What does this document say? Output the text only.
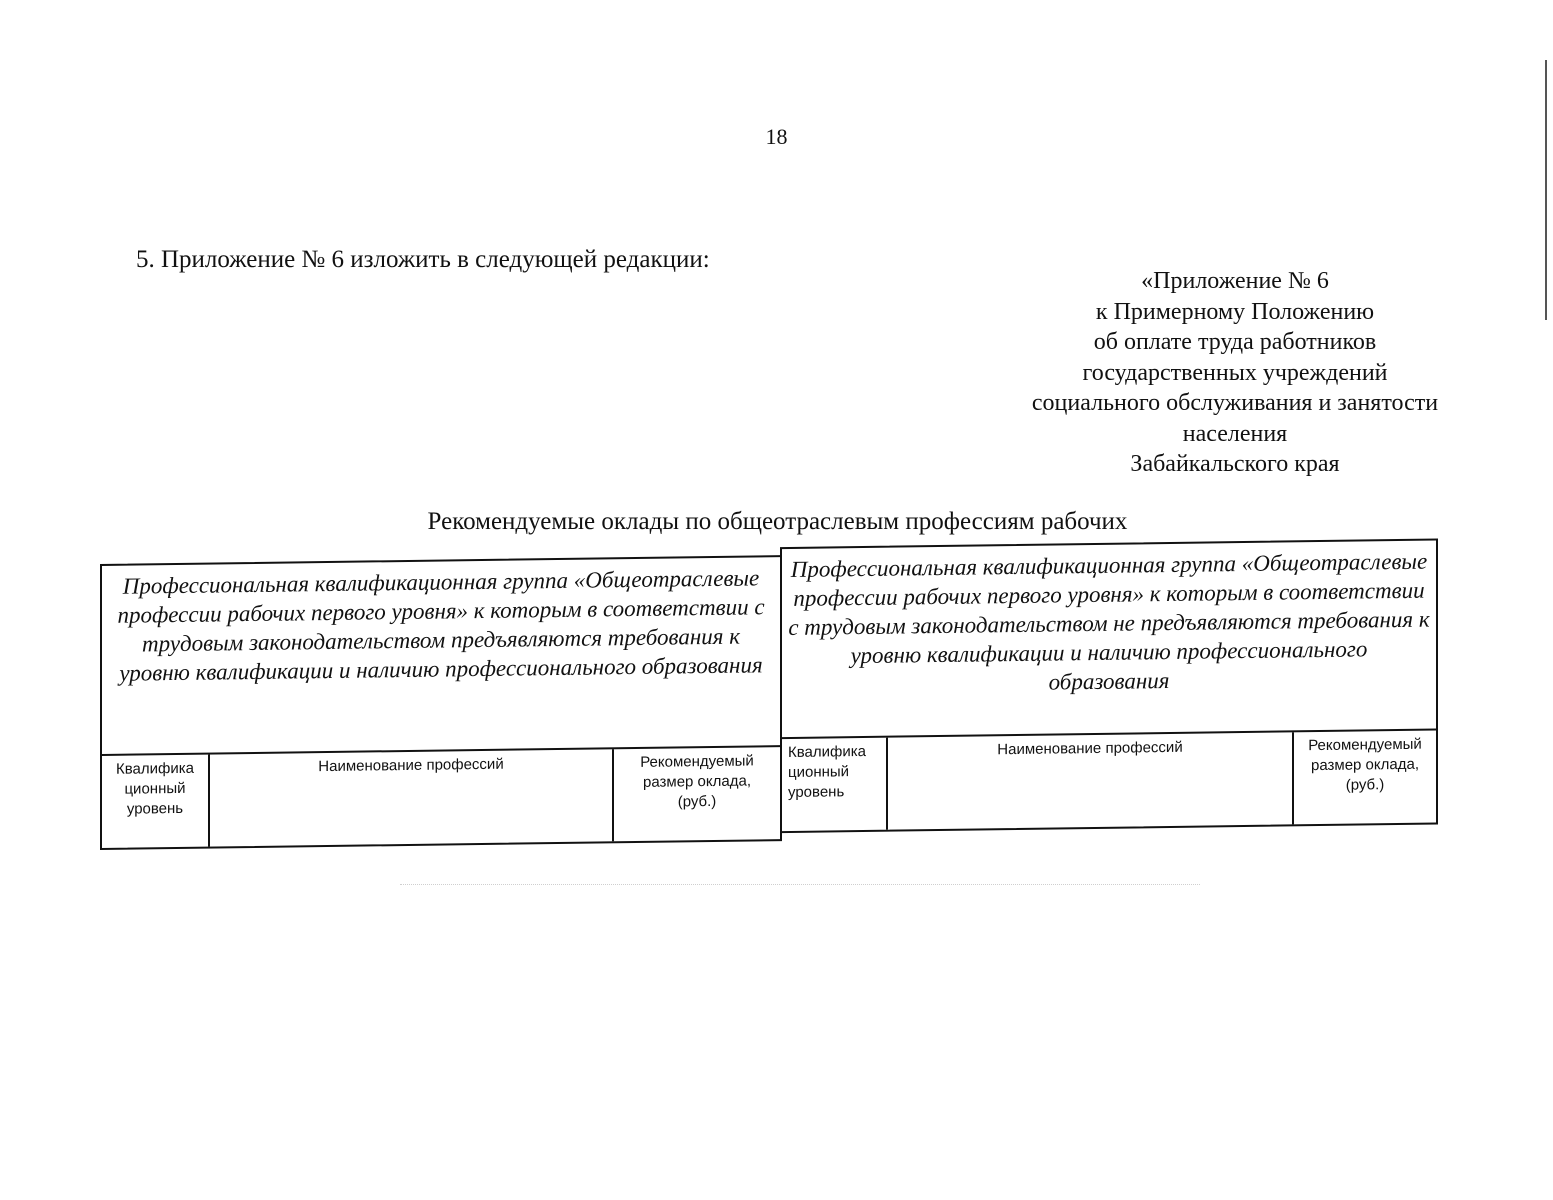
18
5. Приложение № 6 изложить в следующей редакции:
«Приложение № 6
к Примерному Положению
об оплате труда работников
государственных учреждений
социального обслуживания и занятости
населения
Забайкальского края
Рекомендуемые оклады по общеотраслевым профессиям рабочих
Профессиональная квалификационная группа «Общеотраслевые профессии рабочих первого уровня» к которым в соответствии с трудовым законодательством предъявляются требования к уровню квалификации и наличию профессионального образования
Квалифика
ционный
уровень
Наименование профессий	Рекомендуемый
размер оклада,
(руб.)
Профессиональная квалификационная группа «Общеотраслевые профессии рабочих первого уровня» к которым в соответствии с трудовым законодательством не предъявляются требования к уровню квалификации и наличию профессионального образования
Квалифика
ционный
уровень
Наименование профессий	Рекомендуемый
размер оклада,
(руб.)
